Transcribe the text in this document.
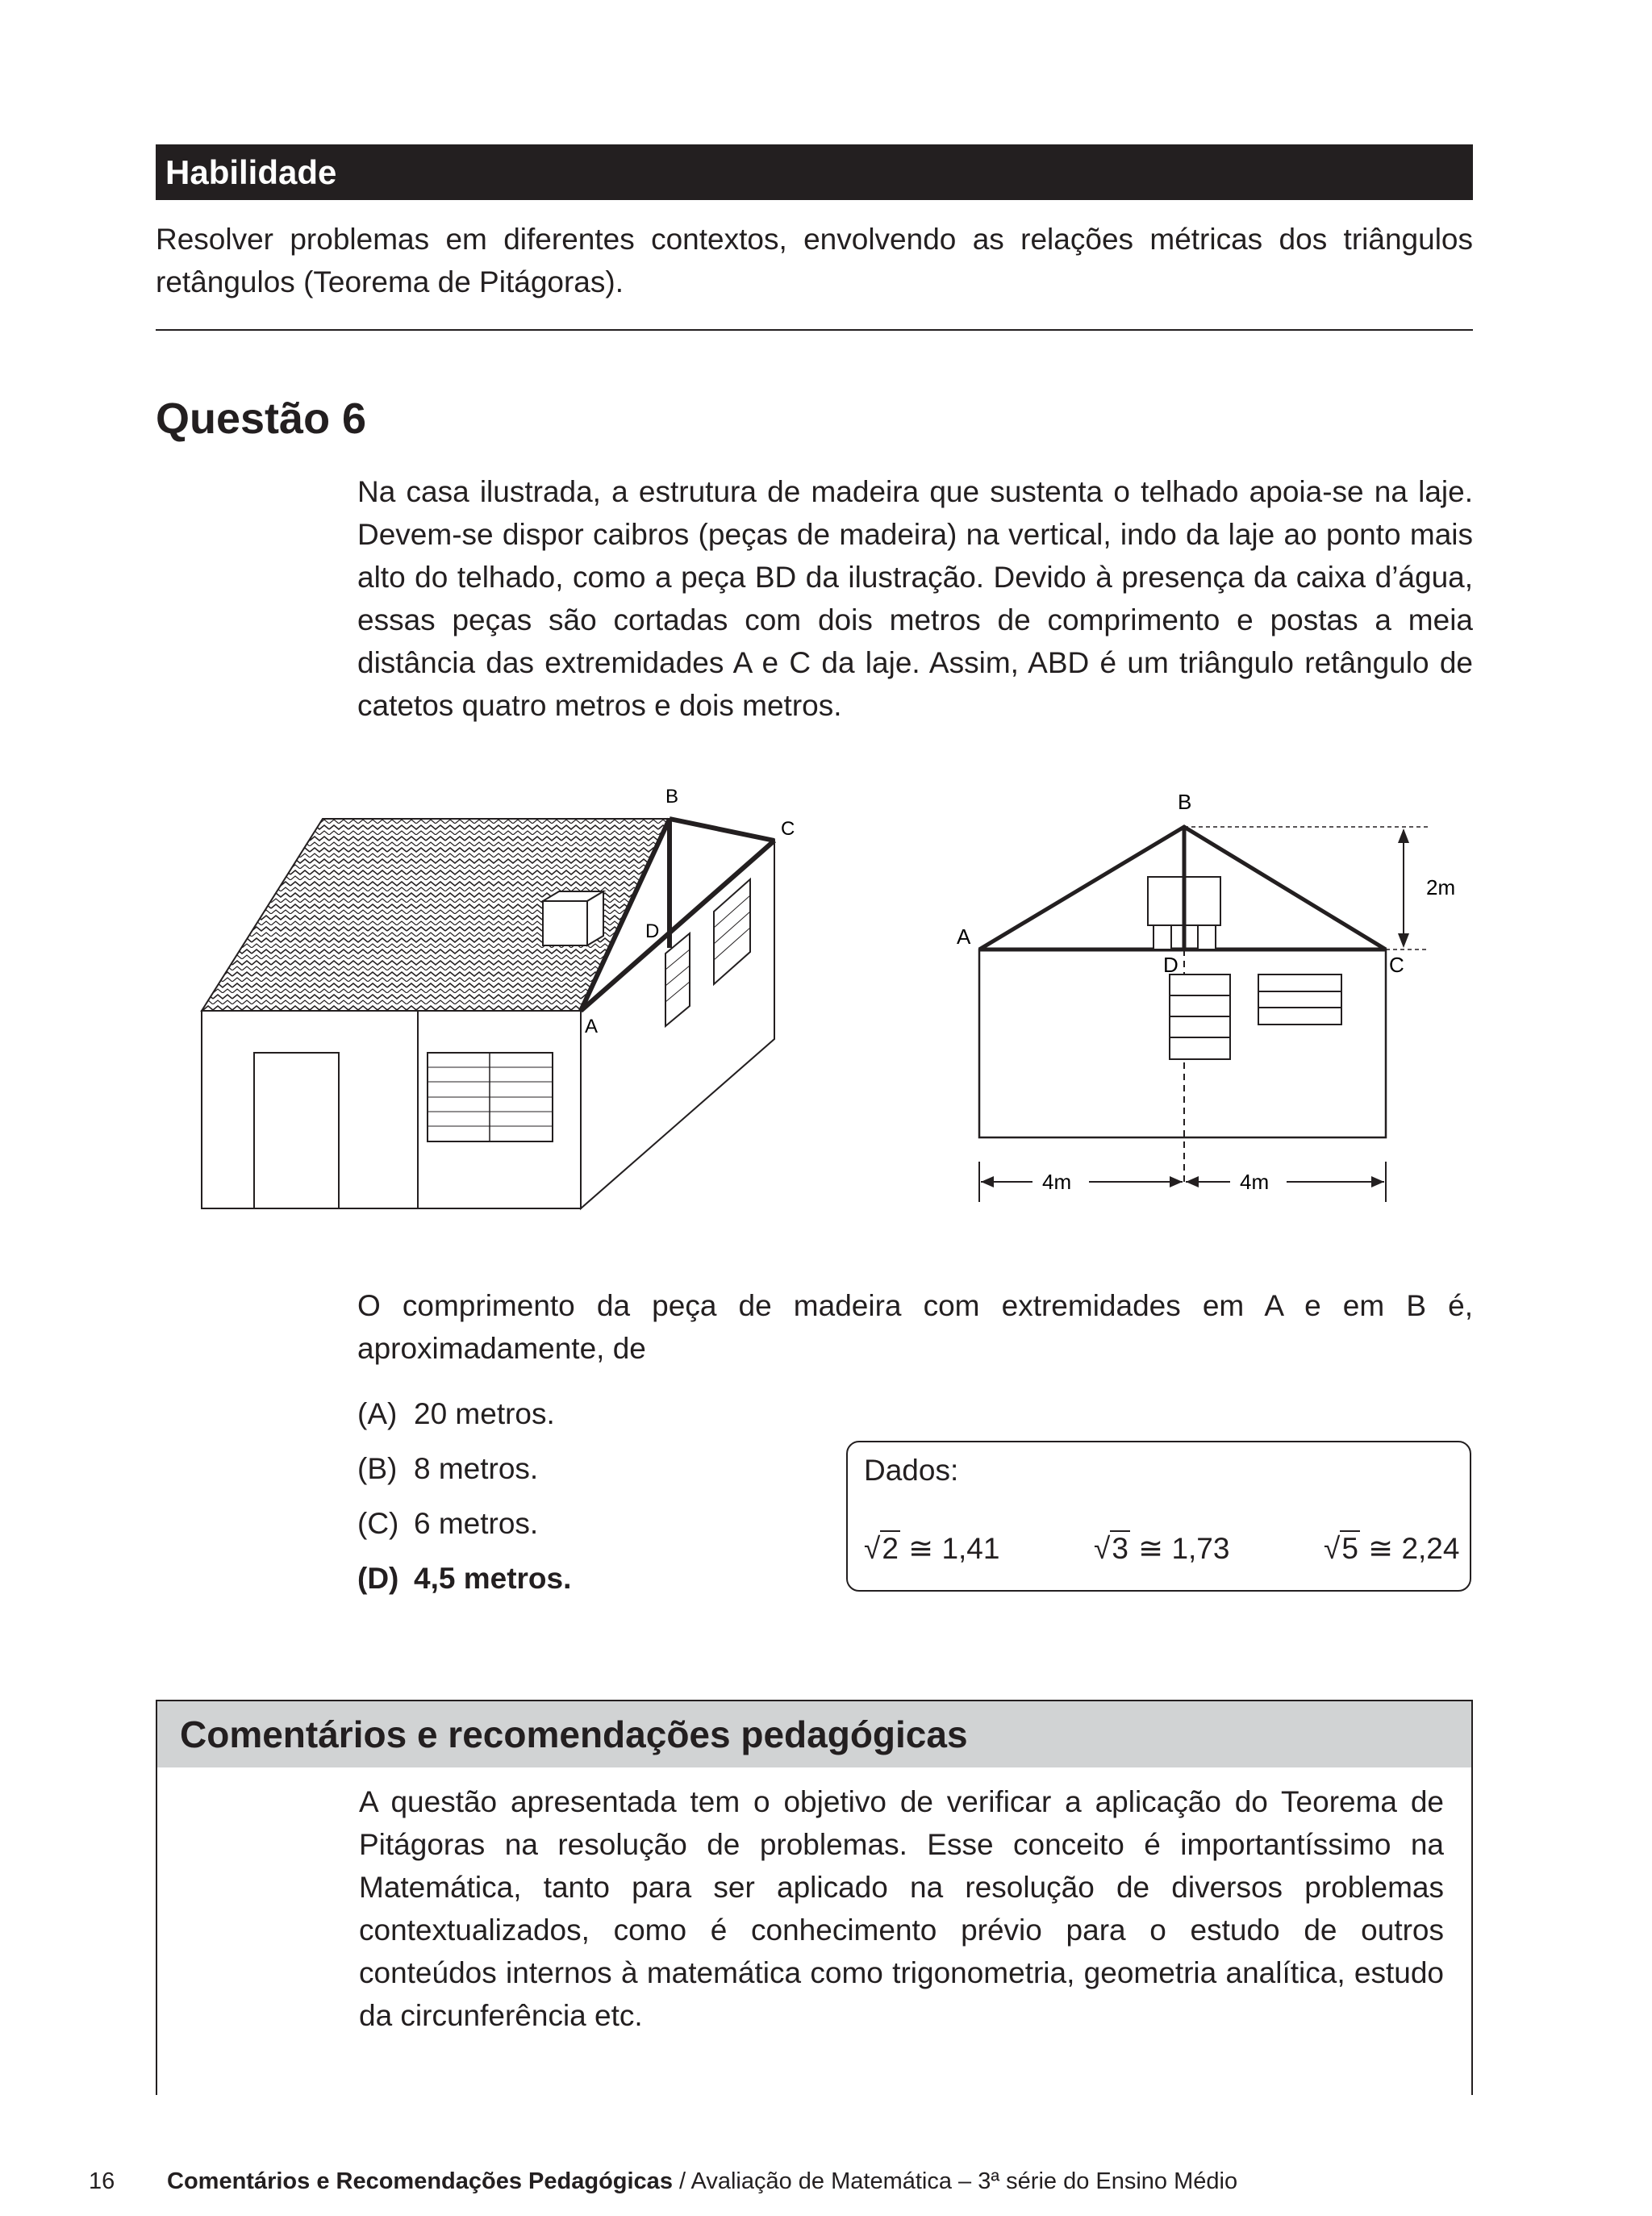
Habilidade
Resolver problemas em diferentes contextos, envolvendo as relações métricas dos triângulos retângulos (Teorema de Pitágoras).
Questão 6
Na casa ilustrada, a estrutura de madeira que sustenta o telhado apoia-se na laje. Devem-se dispor caibros (peças de madeira) na vertical, indo da laje ao ponto mais alto do telhado, como a peça BD da ilustração. Devido à presença da caixa d’água, essas peças são cortadas com dois metros de comprimento e postas a meia distância das extremidades A e C da laje. Assim, ABD é um triângulo retângulo de catetos quatro metros e dois metros.
B
C
D
A
B
A
C
D
2m
4m	4m
O comprimento da peça de madeira com extremidades em A e em B é, aproximadamente, de
(A) 20 metros.
(B) 8 metros.
(C) 6 metros.
(D) 4,5 metros.
Dados:
√2 ≅ 1,41	√3 ≅ 1,73	√5 ≅ 2,24
Comentários e recomendações pedagógicas
A questão apresentada tem o objetivo de verificar a aplicação do Teorema de Pitágoras na resolução de problemas. Esse conceito é importantíssimo na Matemática, tanto para ser aplicado na resolução de diversos problemas contextualizados, como é conhecimento prévio para o estudo de outros conteúdos internos à matemática como trigonometria, geometria analítica, estudo da circunferência etc.
16 Comentários e Recomendações Pedagógicas / Avaliação de Matemática – 3ª série do Ensino Médio
